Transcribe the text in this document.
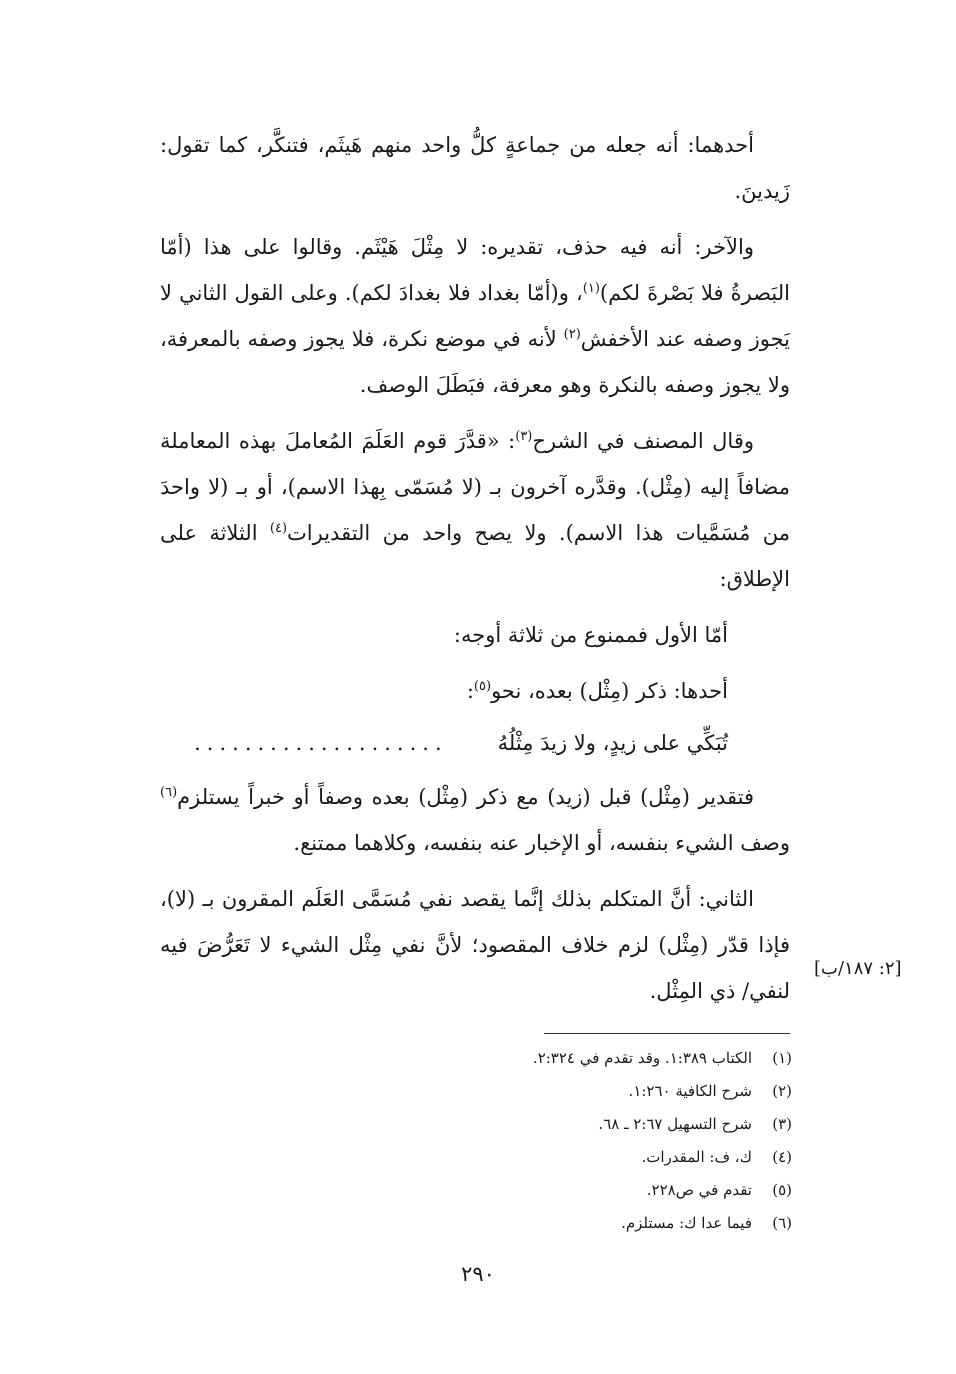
أحدهما: أنه جعله من جماعةٍ كلُّ واحد منهم هَيثَم، فتنكَّر، كما تقول: زَيدينَ.

والآخر: أنه فيه حذف، تقديره: لا مِثْلَ هَيْثَم. وقالوا على هذا (أمّا البَصرةُ فلا بَصْرةَ لكم)$^{(١)}$، و(أمّا بغداد فلا بغدادَ لكم). وعلى القول الثاني لا يَجوز وصفه عند الأخفش$^{(٢)}$ لأنه في موضع نكرة، فلا يجوز وصفه بالمعرفة، ولا يجوز وصفه بالنكرة وهو معرفة، فبَطَلَ الوصف.

وقال المصنف في الشرح$^{(٣)}$: «قدَّرَ قوم العَلَمَ المُعاملَ بهذه المعاملة مضافاً إليه (مِثْل). وقدَّره آخرون بـ (لا مُسَمّى بِهذا الاسم)، أو بـ (لا واحدَ من مُسَمَّيات هذا الاسم). ولا يصح واحد من التقديرات$^{(٤)}$ الثلاثة على الإطلاق:

أمّا الأول فممنوع من ثلاثة أوجه:

أحدها: ذكر (مِثْل) بعده، نحو$^{(٥)}$:

تُبَكِّي على زيدٍ، ولا زيدَ مِثْلُهُ
....................

فتقدير (مِثْل) قبل (زيد) مع ذكر (مِثْل) بعده وصفاً أو خبراً يستلزم$^{(٦)}$ وصف الشيء بنفسه، أو الإخبار عنه بنفسه، وكلاهما ممتنع.

الثاني: أنَّ المتكلم بذلك إنَّما يقصد نفي مُسَمَّى العَلَم المقرون بـ (لا)، فإذا قدّر (مِثْل) لزم خلاف المقصود؛ لأنَّ نفي مِثْل الشيء لا تَعَرُّضَ فيه لنفي/ ذي المِثْل.

[٢: ١٨٧/ب]
(١)الكتاب ١:٣٨٩. وقد تقدم في ٢:٣٢٤.
(٢)شرح الكافية ١:٢٦٠.
(٣)شرح التسهيل ٢:٦٧ ـ ٦٨.
(٤)ك، ف: المقدرات.
(٥)تقدم في ص٢٢٨.
(٦)فيما عدا ك: مستلزم.
٢٩٠
